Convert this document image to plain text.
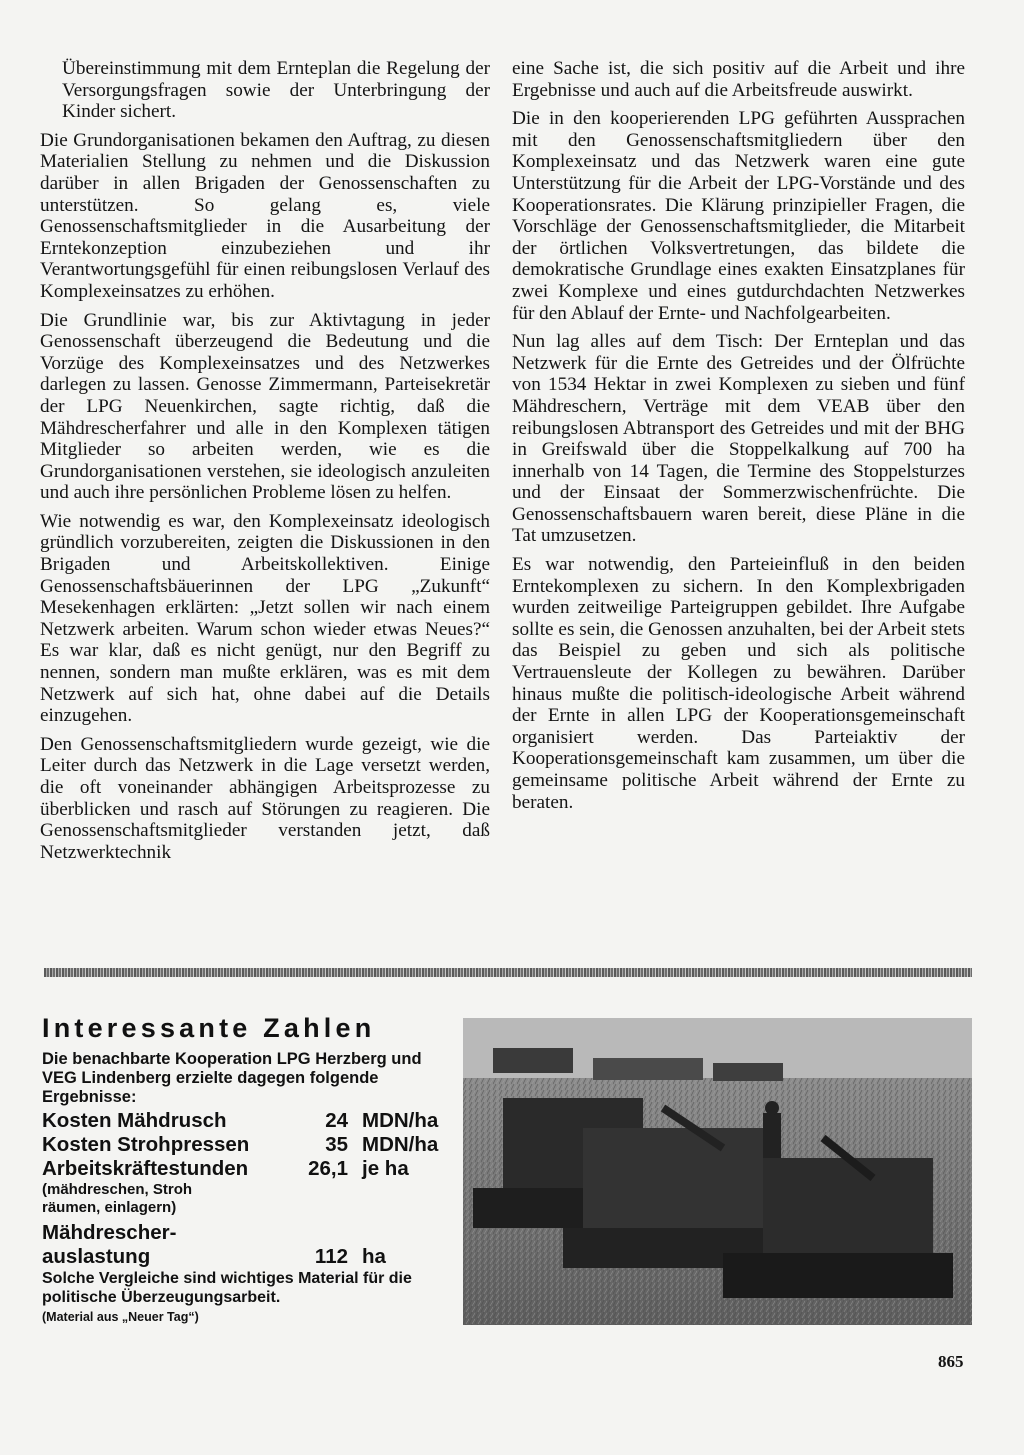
Übereinstimmung mit dem Ernteplan die Regelung der Versorgungsfragen sowie der Unterbringung der Kinder sichert.

Die Grundorganisationen bekamen den Auftrag, zu diesen Materialien Stellung zu nehmen und die Diskussion darüber in allen Brigaden der Genossenschaften zu unterstützen. So gelang es, viele Genossenschaftsmitglieder in die Ausarbeitung der Erntekonzeption einzubeziehen und ihr Verantwortungsgefühl für einen reibungslosen Verlauf des Komplexeinsatzes zu erhöhen.

Die Grundlinie war, bis zur Aktivtagung in jeder Genossenschaft überzeugend die Bedeutung und die Vorzüge des Komplexeinsatzes und des Netzwerkes darlegen zu lassen. Genosse Zimmermann, Parteisekretär der LPG Neuenkirchen, sagte richtig, daß die Mähdrescherfahrer und alle in den Komplexen tätigen Mitglieder so arbeiten werden, wie es die Grundorganisationen verstehen, sie ideologisch anzuleiten und auch ihre persönlichen Probleme lösen zu helfen.

Wie notwendig es war, den Komplexeinsatz ideologisch gründlich vorzubereiten, zeigten die Diskussionen in den Brigaden und Arbeitskollektiven. Einige Genossenschaftsbäuerinnen der LPG „Zukunft“ Mesekenhagen erklärten: „Jetzt sollen wir nach einem Netzwerk arbeiten. Warum schon wieder etwas Neues?“ Es war klar, daß es nicht genügt, nur den Begriff zu nennen, sondern man mußte erklären, was es mit dem Netzwerk auf sich hat, ohne dabei auf die Details einzugehen.

Den Genossenschaftsmitgliedern wurde gezeigt, wie die Leiter durch das Netzwerk in die Lage versetzt werden, die oft voneinander abhängigen Arbeitsprozesse zu überblicken und rasch auf Störungen zu reagieren. Die Genossenschaftsmitglieder verstanden jetzt, daß Netzwerktechnik

eine Sache ist, die sich positiv auf die Arbeit und ihre Ergebnisse und auch auf die Arbeitsfreude auswirkt.

Die in den kooperierenden LPG geführten Aussprachen mit den Genossenschaftsmitgliedern über den Komplexeinsatz und das Netzwerk waren eine gute Unterstützung für die Arbeit der LPG-Vorstände und des Kooperationsrates. Die Klärung prinzipieller Fragen, die Vorschläge der Genossenschaftsmitglieder, die Mitarbeit der örtlichen Volksvertretungen, das bildete die demokratische Grundlage eines exakten Einsatzplanes für zwei Komplexe und eines gutdurchdachten Netzwerkes für den Ablauf der Ernte- und Nachfolgearbeiten.

Nun lag alles auf dem Tisch: Der Ernteplan und das Netzwerk für die Ernte des Getreides und der Ölfrüchte von 1534 Hektar in zwei Komplexen zu sieben und fünf Mähdreschern, Verträge mit dem VEAB über den reibungslosen Abtransport des Getreides und mit der BHG in Greifswald über die Stoppelkalkung auf 700 ha innerhalb von 14 Tagen, die Termine des Stoppelsturzes und der Einsaat der Sommerzwischenfrüchte. Die Genossenschaftsbauern waren bereit, diese Pläne in die Tat umzusetzen.

Es war notwendig, den Parteieinfluß in den beiden Erntekomplexen zu sichern. In den Komplexbrigaden wurden zeitweilige Parteigruppen gebildet. Ihre Aufgabe sollte es sein, die Genossen anzuhalten, bei der Arbeit stets das Beispiel zu geben und sich als politische Vertrauensleute der Kollegen zu bewähren. Darüber hinaus mußte die politisch-ideologische Arbeit während der Ernte in allen LPG der Kooperationsgemeinschaft organisiert werden. Das Parteiaktiv der Kooperationsgemeinschaft kam zusammen, um über die gemeinsame politische Arbeit während der Ernte zu beraten.

Interessante Zahlen
Die benachbarte Kooperation LPG Herzberg und VEG Lindenberg erzielte dagegen folgende Ergebnisse:
Kosten Mähdrusch	24 MDN/ha
Kosten Strohpressen	35 MDN/ha
Arbeitskräftestunden	26,1 je ha
(mähdreschen, Stroh räumen, einlagern)
Mähdrescher-
auslastung	112 ha
Solche Vergleiche sind wichtiges Material für die politische Überzeugungsarbeit.
(Material aus „Neuer Tag“)
865
